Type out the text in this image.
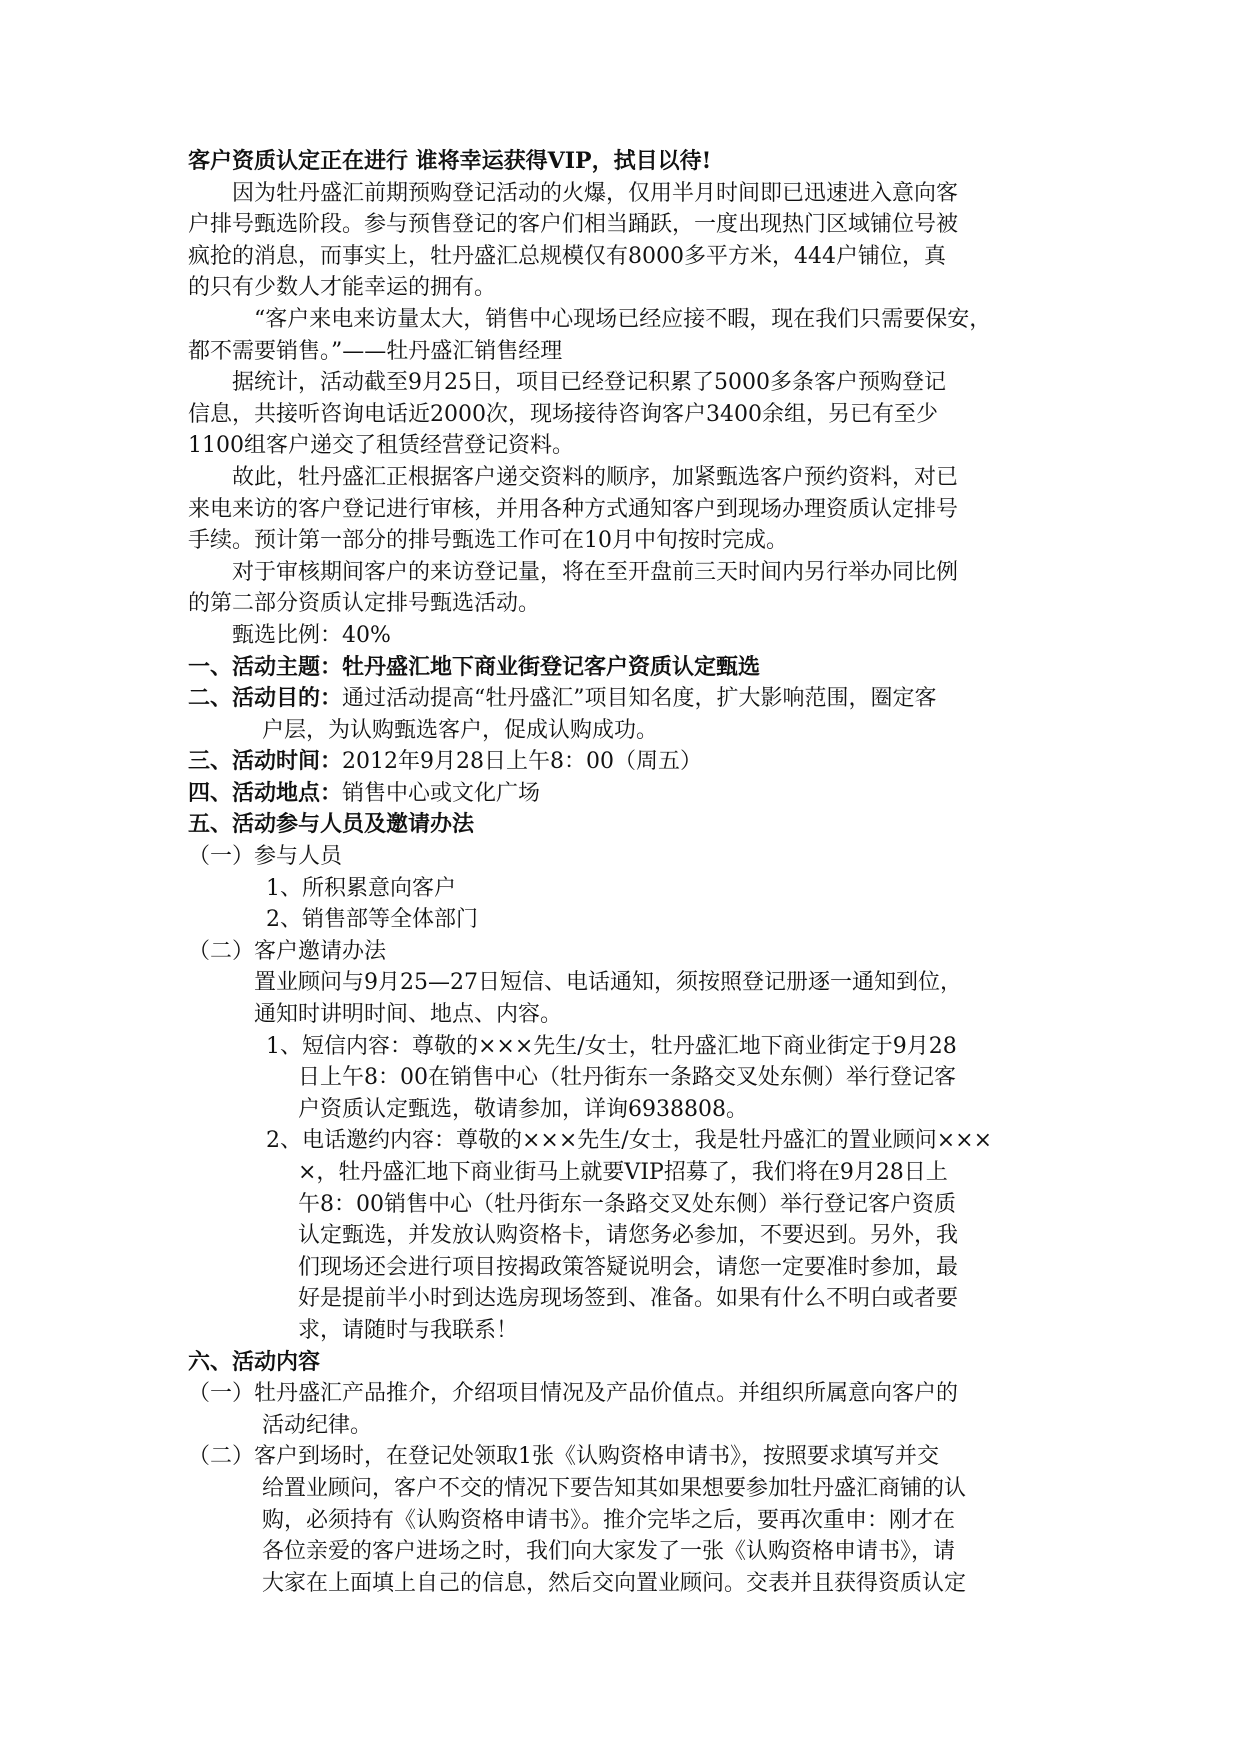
客户资质认定正在进行 谁将幸运获得VIP，拭目以待!
因为牡丹盛汇前期预购登记活动的火爆，仅用半月时间即已迅速进入意向客
户排号甄选阶段。参与预售登记的客户们相当踊跃，一度出现热门区域铺位号被
疯抢的消息，而事实上，牡丹盛汇总规模仅有8000多平方米，444户铺位，真
的只有少数人才能幸运的拥有。
“客户来电来访量太大，销售中心现场已经应接不暇，现在我们只需要保安，
都不需要销售。”——牡丹盛汇销售经理
据统计，活动截至9月25日，项目已经登记积累了5000多条客户预购登记
信息，共接听咨询电话近2000次，现场接待咨询客户3400余组，另已有至少
1100组客户递交了租赁经营登记资料。
故此，牡丹盛汇正根据客户递交资料的顺序，加紧甄选客户预约资料，对已
来电来访的客户登记进行审核，并用各种方式通知客户到现场办理资质认定排号
手续。预计第一部分的排号甄选工作可在10月中旬按时完成。
对于审核期间客户的来访登记量，将在至开盘前三天时间内另行举办同比例
的第二部分资质认定排号甄选活动。
甄选比例：40%
一、活动主题：牡丹盛汇地下商业街登记客户资质认定甄选
二、活动目的：通过活动提高“牡丹盛汇”项目知名度，扩大影响范围，圈定客
户层，为认购甄选客户，促成认购成功。
三、活动时间：2012年9月28日上午8：00（周五）
四、活动地点：销售中心或文化广场
五、活动参与人员及邀请办法
（一）参与人员
1、所积累意向客户
2、销售部等全体部门
（二）客户邀请办法
置业顾问与9月25—27日短信、电话通知，须按照登记册逐一通知到位，
通知时讲明时间、地点、内容。
1、短信内容：尊敬的×××先生/女士，牡丹盛汇地下商业街定于9月28
日上午8：00在销售中心（牡丹街东一条路交叉处东侧）举行登记客
户资质认定甄选，敬请参加，详询6938808。
2、电话邀约内容：尊敬的×××先生/女士，我是牡丹盛汇的置业顾问×××
×，牡丹盛汇地下商业街马上就要VIP招募了，我们将在9月28日上
午8：00销售中心（牡丹街东一条路交叉处东侧）举行登记客户资质
认定甄选，并发放认购资格卡，请您务必参加，不要迟到。另外，我
们现场还会进行项目按揭政策答疑说明会，请您一定要准时参加，最
好是提前半小时到达选房现场签到、准备。如果有什么不明白或者要
求，请随时与我联系！
六、活动内容
（一）牡丹盛汇产品推介，介绍项目情况及产品价值点。并组织所属意向客户的
活动纪律。
（二）客户到场时，在登记处领取1张《认购资格申请书》，按照要求填写并交
给置业顾问，客户不交的情况下要告知其如果想要参加牡丹盛汇商铺的认
购，必须持有《认购资格申请书》。推介完毕之后，要再次重申：刚才在
各位亲爱的客户进场之时，我们向大家发了一张《认购资格申请书》，请
大家在上面填上自己的信息，然后交向置业顾问。交表并且获得资质认定
